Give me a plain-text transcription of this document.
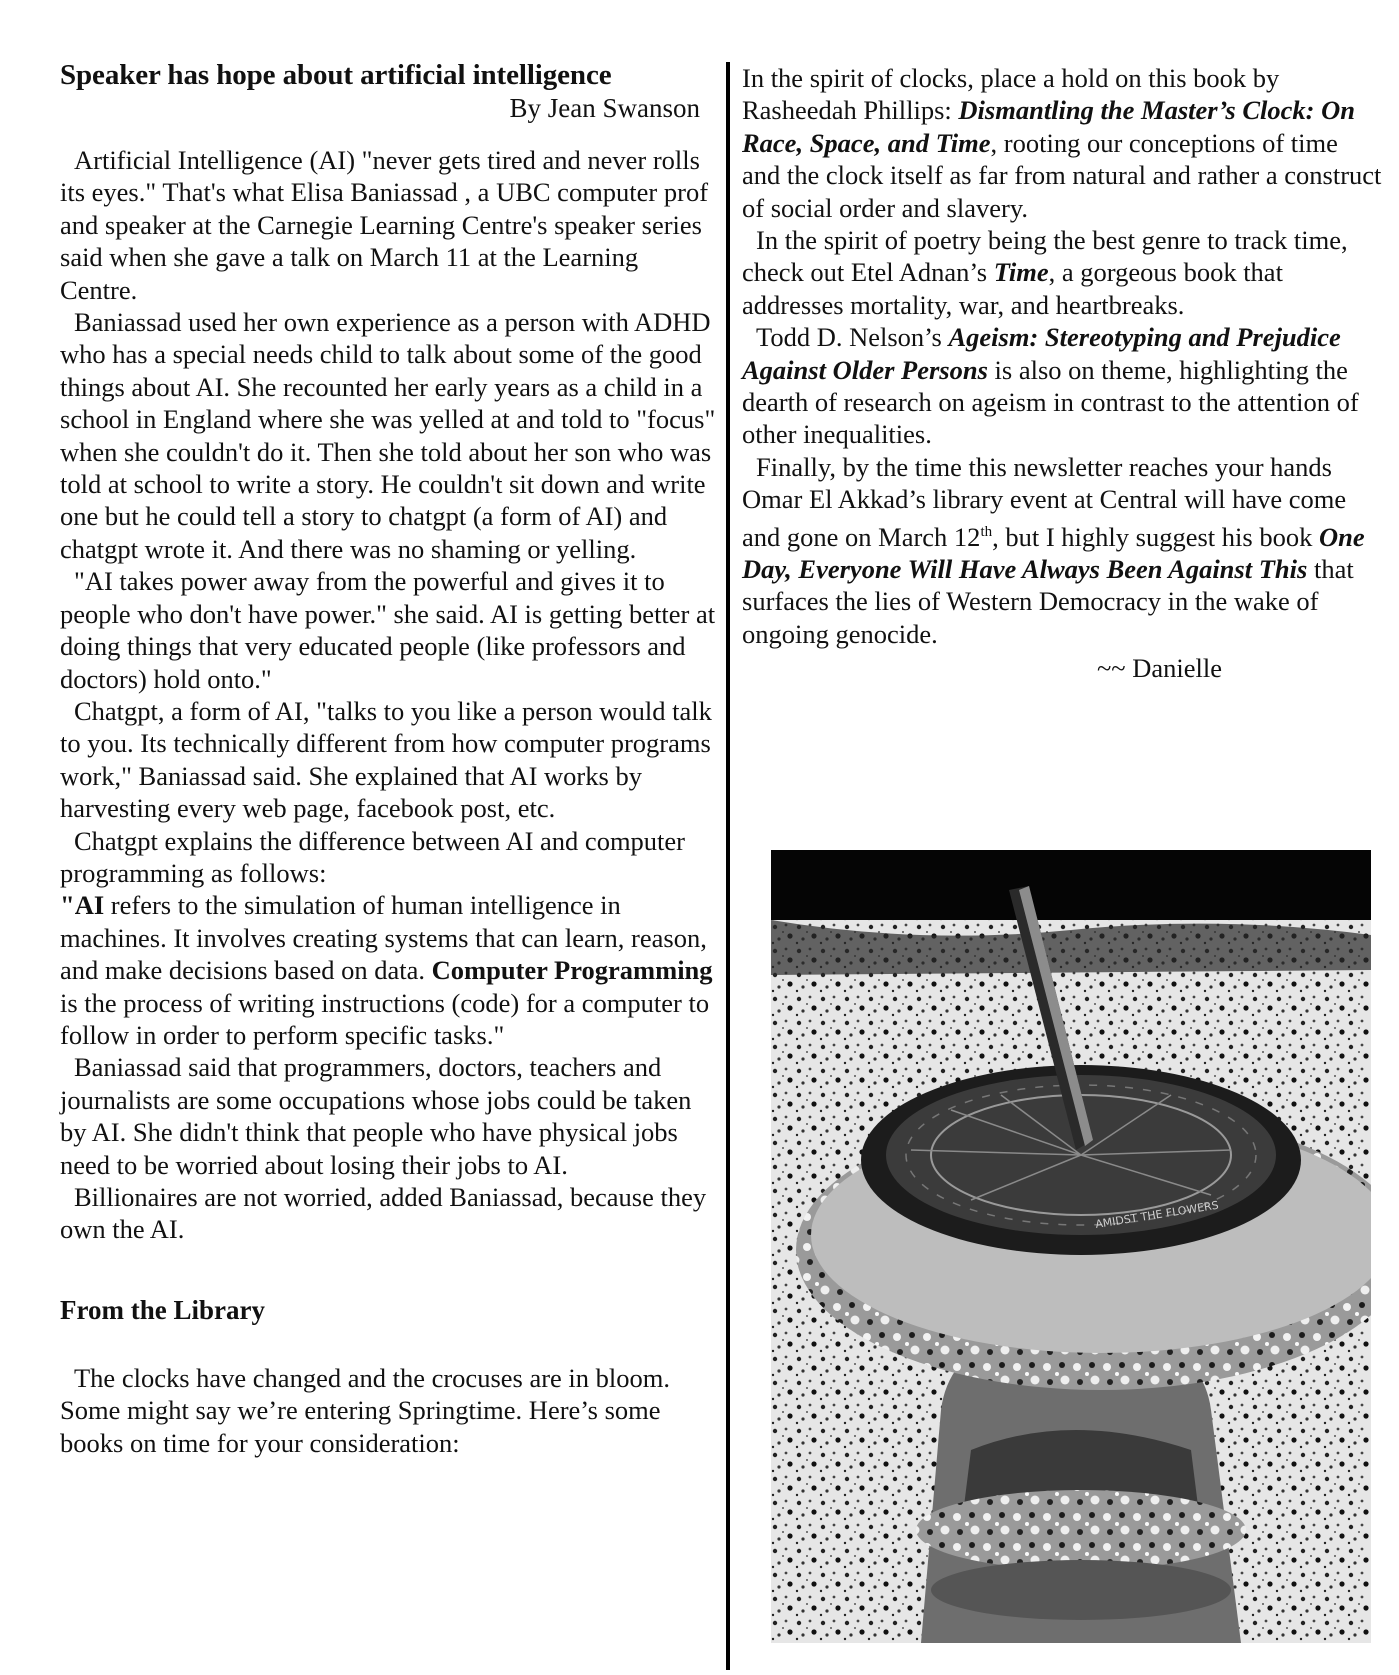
Speaker has hope about artificial intelligence
By Jean Swanson

Artificial Intelligence (AI) "never gets tired and never rolls its eyes." That's what Elisa Baniassad , a UBC computer prof and speaker at the Carnegie Learning Centre's speaker series said when she gave a talk on March 11 at the Learning Centre.

Baniassad used her own experience as a person with ADHD who has a special needs child to talk about some of the good things about AI. She recounted her early years as a child in a school in England where she was yelled at and told to "focus" when she couldn't do it. Then she told about her son who was told at school to write a story. He couldn't sit down and write one but he could tell a story to chatgpt (a form of AI) and chatgpt wrote it. And there was no shaming or yelling.

"AI takes power away from the powerful and gives it to people who don't have power." she said. AI is getting better at doing things that very educated people (like professors and doctors) hold onto."

Chatgpt, a form of AI, "talks to you like a person would talk to you. Its technically different from how computer programs work," Baniassad said. She explained that AI works by harvesting every web page, facebook post, etc.

Chatgpt explains the difference between AI and computer programming as follows:

"AI refers to the simulation of human intelligence in machines. It involves creating systems that can learn, reason, and make decisions based on data. Computer Programming is the process of writing instructions (code) for a computer to follow in order to perform specific tasks."

Baniassad said that programmers, doctors, teachers and journalists are some occupations whose jobs could be taken by AI. She didn't think that people who have physical jobs need to be worried about losing their jobs to AI.

Billionaires are not worried, added Baniassad, because they own the AI.

From the Library

The clocks have changed and the crocuses are in bloom. Some might say we’re entering Springtime. Here’s some books on time for your consideration:

In the spirit of clocks, place a hold on this book by Rasheedah Phillips: Dismantling the Master’s Clock: On Race, Space, and Time, rooting our conceptions of time and the clock itself as far from natural and rather a construct of social order and slavery.

In the spirit of poetry being the best genre to track time, check out Etel Adnan’s Time, a gorgeous book that addresses mortality, war, and heartbreaks.

Todd D. Nelson’s Ageism: Stereotyping and Prejudice Against Older Persons is also on theme, highlighting the dearth of research on ageism in contrast to the attention of other inequalities.

Finally, by the time this newsletter reaches your hands Omar El Akkad’s library event at Central will have come and gone on March 12th, but I highly suggest his book One Day, Everyone Will Have Always Been Against This that surfaces the lies of Western Democracy in the wake of ongoing genocide.

~~ Danielle
AMIDST THE FLOWERS
